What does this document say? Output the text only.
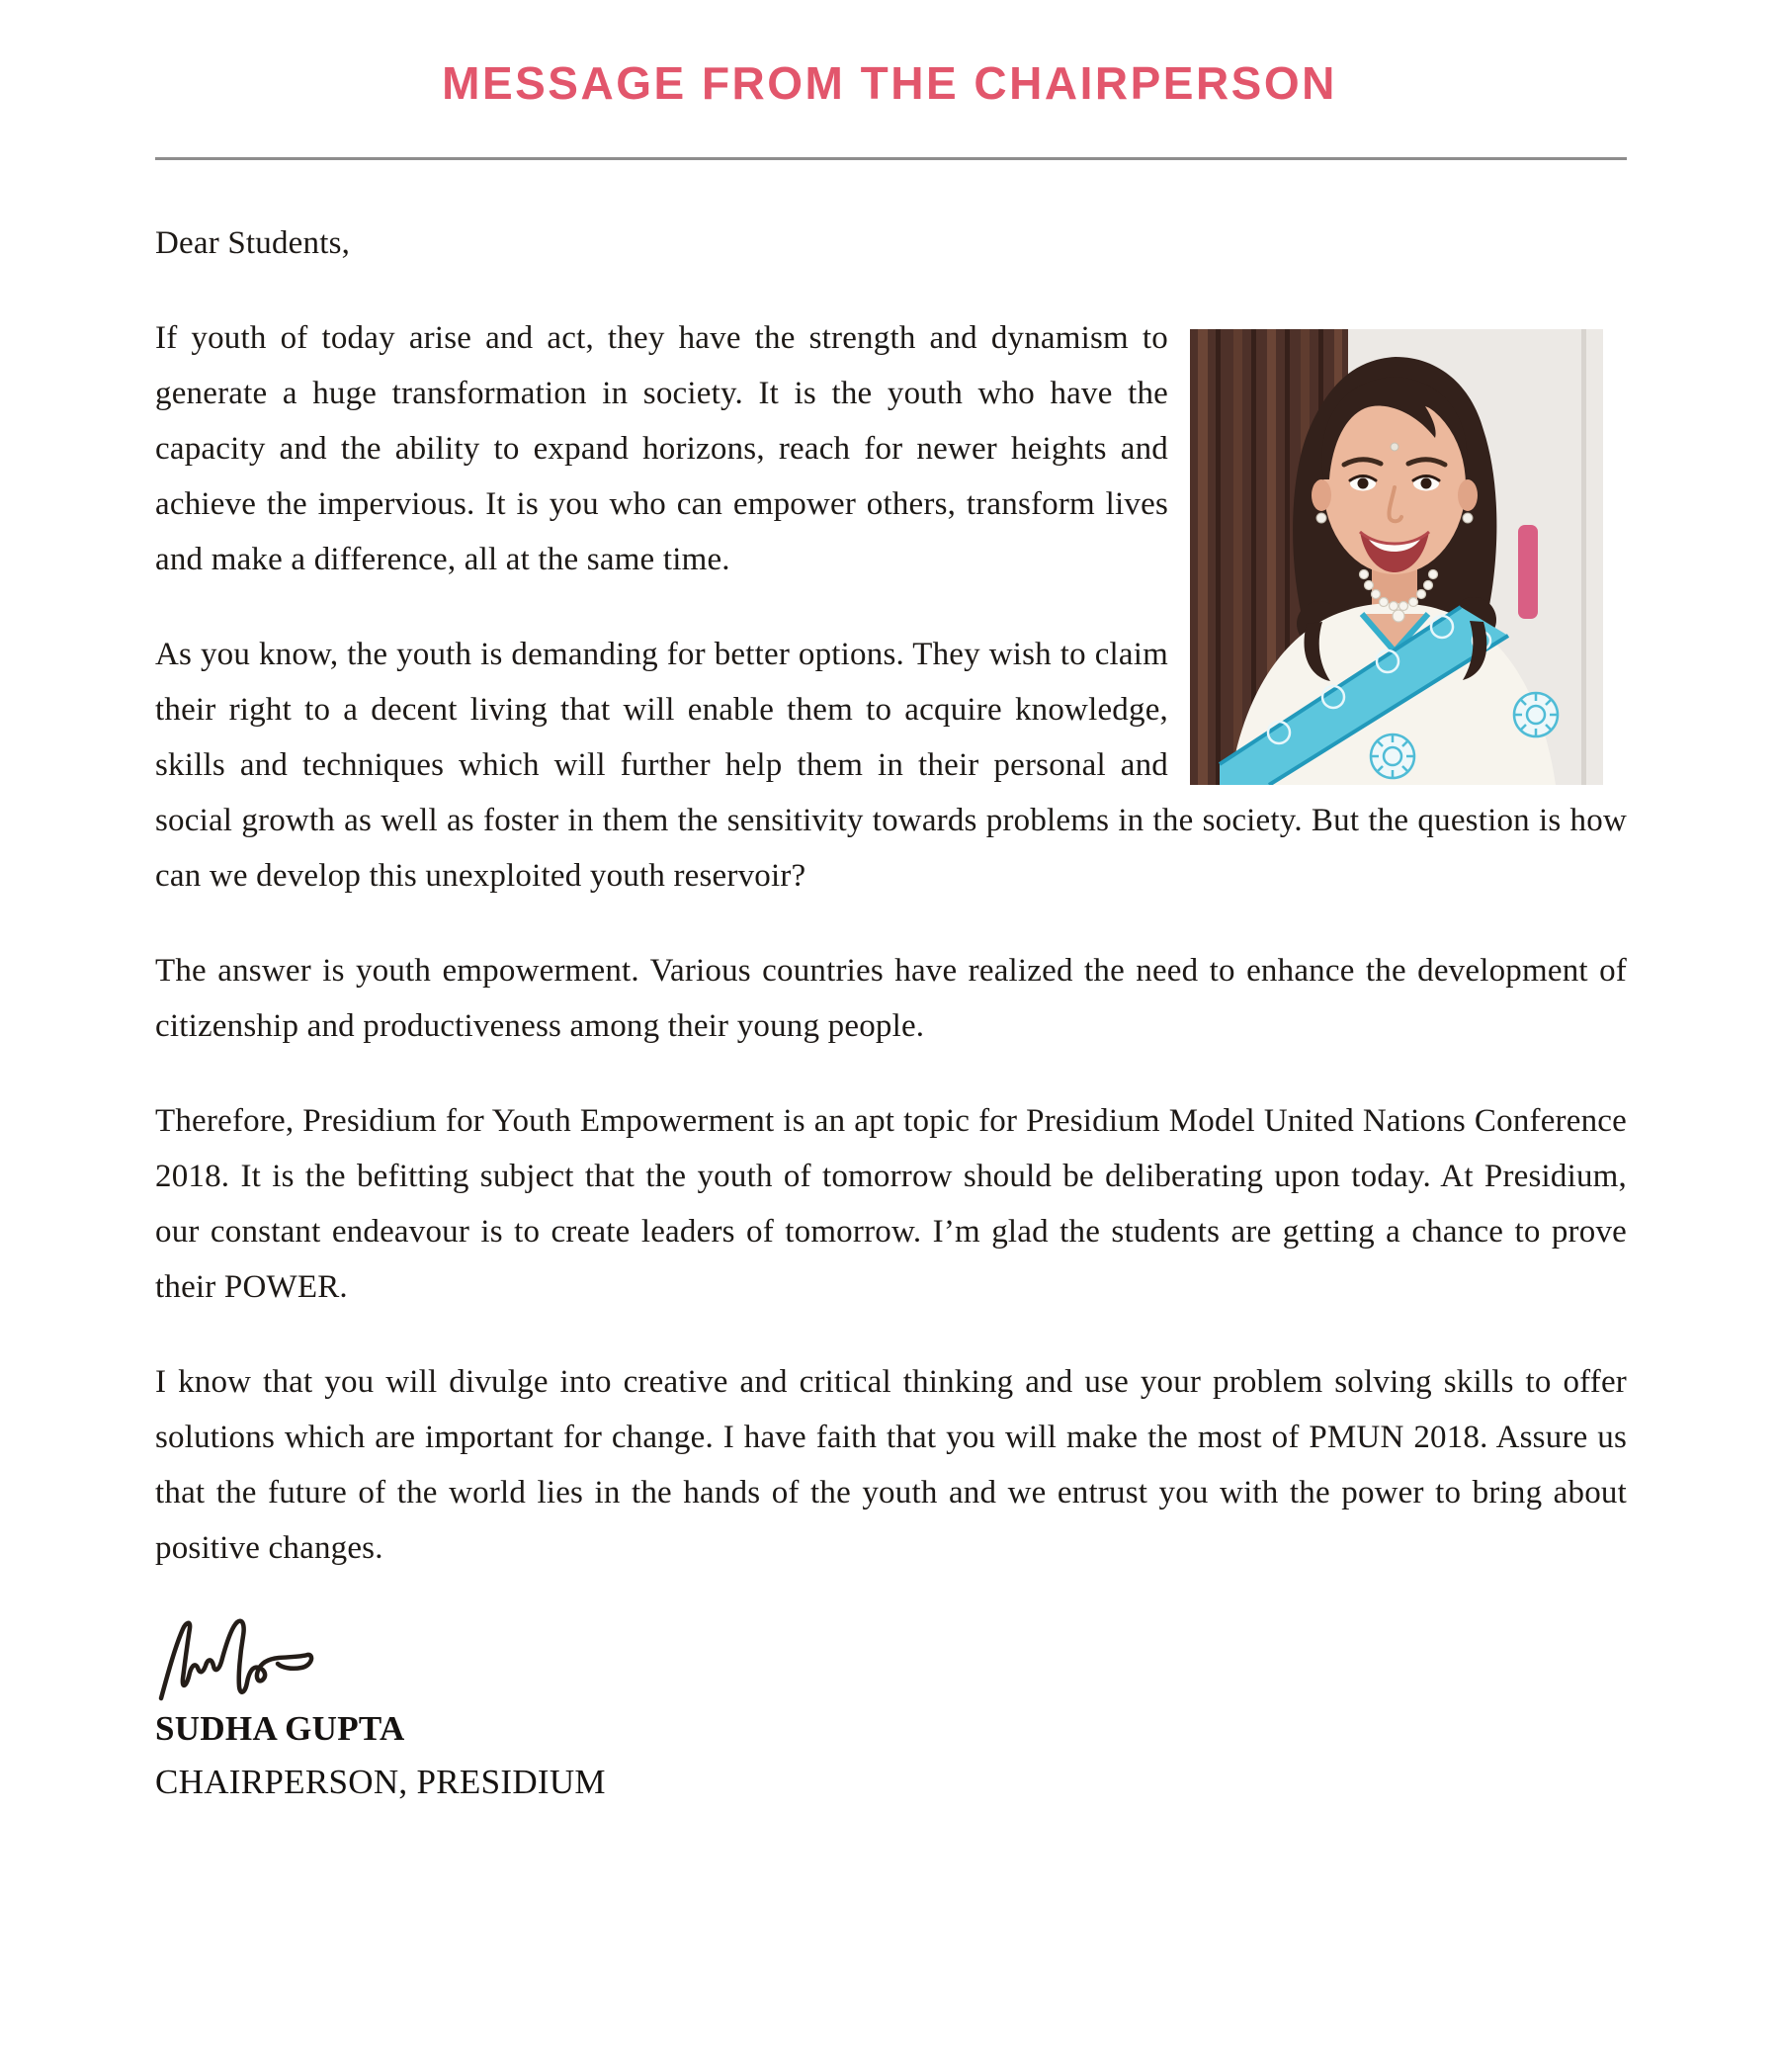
MESSAGE FROM THE CHAIRPERSON

Dear Students,

If youth of today arise and act, they have the strength and dynamism to generate a huge transformation in society. It is the youth who have the capacity and the ability to expand horizons, reach for newer heights and achieve the impervious. It is you who can empower others, transform lives and make a difference, all at the same time.

As you know, the youth is demanding for better options. They wish to claim their right to a decent living that will enable them to acquire knowledge, skills and techniques which will further help them in their personal and social growth as well as foster in them the sensitivity towards problems in the society. But the question is how can we develop this unexploited youth reservoir?

The answer is youth empowerment. Various countries have realized the need to enhance the development of citizenship and productiveness among their young people.

Therefore, Presidium for Youth Empowerment is an apt topic for Presidium Model United Nations Conference 2018. It is the befitting subject that the youth of tomorrow should be deliberating upon today. At Presidium, our constant endeavour is to create leaders of tomorrow. I’m glad the students are getting a chance to prove their POWER.

I know that you will divulge into creative and critical thinking and use your problem solving skills to offer solutions which are important for change. I have faith that you will make the most of PMUN 2018. Assure us that the future of the world lies in the hands of the youth and we entrust you with the power to bring about positive changes.

SUDHA GUPTA
CHAIRPERSON, PRESIDIUM
